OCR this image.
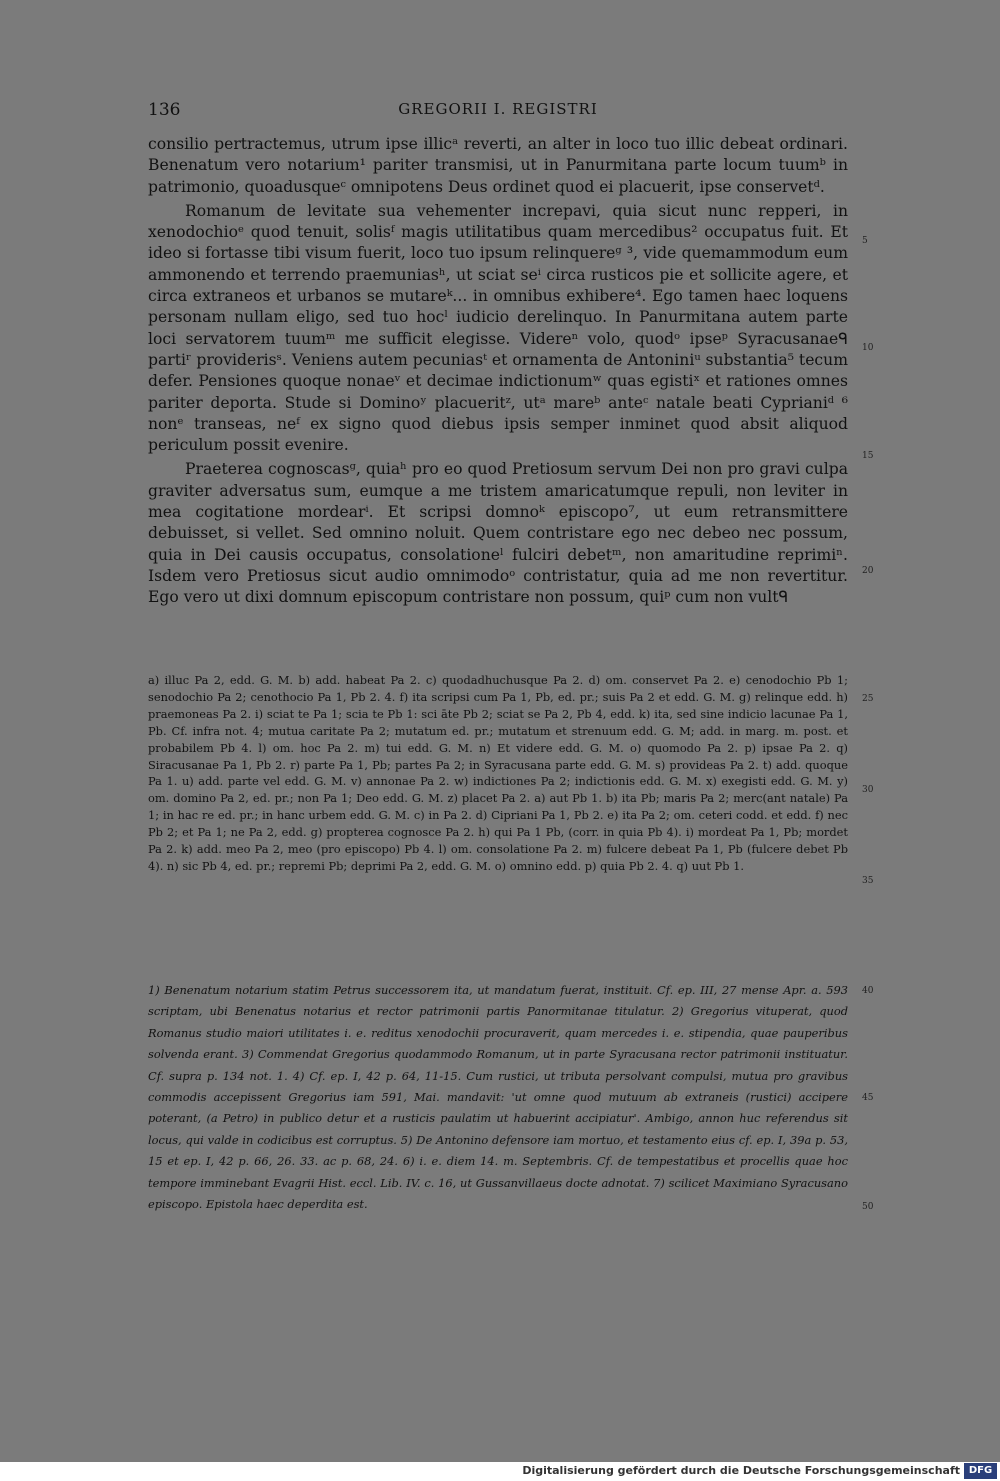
136	GREGORII I. REGISTRI

consilio pertractemus, utrum ipse illicᵃ reverti, an alter in loco tuo illic debeat ordinari. Benenatum vero notarium¹ pariter transmisi, ut in Panurmitana parte locum tuumᵇ in patrimonio, quoadusqueᶜ omnipotens Deus ordinet quod ei placuerit, ipse conservetᵈ.

Romanum de levitate sua vehementer increpavi, quia sicut nunc repperi, in xenodochioᵉ quod tenuit, solisᶠ magis utilitatibus quam mercedibus² occupatus fuit. Et ideo si fortasse tibi visum fuerit, loco tuo ipsum relinquereᵍ ³, vide quemammodum eum ammonendo et terrendo praemuniasʰ, ut sciat seⁱ circa rusticos pie et sollicite agere, et circa extraneos et urbanos se mutareᵏ... in omnibus exhibere⁴. Ego tamen haec loquens personam nullam eligo, sed tuo hocˡ iudicio derelinquo. In Panurmitana autem parte loci servatorem tuumᵐ me sufficit elegisse. Videreⁿ volo, quodᵒ ipseᵖ Syracusanaeᑫ partiʳ providerisˢ. Veniens autem pecuniasᵗ et ornamenta de Antoniniᵘ substantia⁵ tecum defer. Pensiones quoque nonaeᵛ et decimae indictionumʷ quas egistiˣ et rationes omnes pariter deporta. Stude si Dominoʸ placueritᶻ, utᵃ mareᵇ anteᶜ natale beati Cyprianiᵈ ⁶ nonᵉ transeas, neᶠ ex signo quod diebus ipsis semper inminet quod absit aliquod periculum possit evenire.

Praeterea cognoscasᵍ, quiaʰ pro eo quod Pretiosum servum Dei non pro gravi culpa graviter adversatus sum, eumque a me tristem amaricatumque repuli, non leviter in mea cogitatione mordearⁱ. Et scripsi domnoᵏ episcopo⁷, ut eum retransmittere debuisset, si vellet. Sed omnino noluit. Quem contristare ego nec debeo nec possum, quia in Dei causis occupatus, consolationeˡ fulciri debetᵐ, non amaritudine reprimiⁿ. Isdem vero Pretiosus sicut audio omnimodoᵒ contristatur, quia ad me non revertitur. Ego vero ut dixi domnum episcopum contristare non possum, quiᵖ cum non vultᑫ

a) illuc Pa 2, edd. G. M. b) add. habeat Pa 2. c) quodadhuchusque Pa 2. d) om. conservet Pa 2. e) cenodochio Pb 1; senodochio Pa 2; cenothocio Pa 1, Pb 2. 4. f) ita scripsi cum Pa 1, Pb, ed. pr.; suis Pa 2 et edd. G. M. g) relinque edd. h) praemoneas Pa 2. i) sciat te Pa 1; scia te Pb 1: sci āte Pb 2; sciat se Pa 2, Pb 4, edd. k) ita, sed sine indicio lacunae Pa 1, Pb. Cf. infra not. 4; mutua caritate Pa 2; mutatum ed. pr.; mutatum et strenuum edd. G. M; add. in marg. m. post. et probabilem Pb 4. l) om. hoc Pa 2. m) tui edd. G. M. n) Et videre edd. G. M. o) quomodo Pa 2. p) ipsae Pa 2. q) Siracusanae Pa 1, Pb 2. r) parte Pa 1, Pb; partes Pa 2; in Syracusana parte edd. G. M. s) provideas Pa 2. t) add. quoque Pa 1. u) add. parte vel edd. G. M. v) annonae Pa 2. w) indictiones Pa 2; indictionis edd. G. M. x) exegisti edd. G. M. y) om. domino Pa 2, ed. pr.; non Pa 1; Deo edd. G. M. z) placet Pa 2. a) aut Pb 1. b) ita Pb; maris Pa 2; merc(ant natale) Pa 1; in hac re ed. pr.; in hanc urbem edd. G. M. c) in Pa 2. d) Cipriani Pa 1, Pb 2. e) ita Pa 2; om. ceteri codd. et edd. f) nec Pb 2; et Pa 1; ne Pa 2, edd. g) propterea cognosce Pa 2. h) qui Pa 1 Pb, (corr. in quia Pb 4). i) mordeat Pa 1, Pb; mordet Pa 2. k) add. meo Pa 2, meo (pro episcopo) Pb 4. l) om. consolatione Pa 2. m) fulcere debeat Pa 1, Pb (fulcere debet Pb 4). n) sic Pb 4, ed. pr.; repremi Pb; deprimi Pa 2, edd. G. M. o) omnino edd. p) quia Pb 2. 4. q) uut Pb 1.
1) Benenatum notarium statim Petrus successorem ita, ut mandatum fuerat, instituit. Cf. ep. III, 27 mense Apr. a. 593 scriptam, ubi Benenatus notarius et rector patrimonii partis Panormitanae titulatur. 2) Gregorius vituperat, quod Romanus studio maiori utilitates i. e. reditus xenodochii procuraverit, quam mercedes i. e. stipendia, quae pauperibus solvenda erant. 3) Commendat Gregorius quodammodo Romanum, ut in parte Syracusana rector patrimonii instituatur. Cf. supra p. 134 not. 1. 4) Cf. ep. I, 42 p. 64, 11-15. Cum rustici, ut tributa persolvant compulsi, mutua pro gravibus commodis accepissent Gregorius iam 591, Mai. mandavit: 'ut omne quod mutuum ab extraneis (rustici) accipere poterant, (a Petro) in publico detur et a rusticis paulatim ut habuerint accipiatur'. Ambigo, annon huc referendus sit locus, qui valde in codicibus est corruptus. 5) De Antonino defensore iam mortuo, et testamento eius cf. ep. I, 39a p. 53, 15 et ep. I, 42 p. 66, 26. 33. ac p. 68, 24. 6) i. e. diem 14. m. Septembris. Cf. de tempestatibus et procellis quae hoc tempore imminebant Evagrii Hist. eccl. Lib. IV. c. 16, ut Gussanvillaeus docte adnotat. 7) scilicet Maximiano Syracusano episcopo. Epistola haec deperdita est.
5
10
15
20
25
30
35
40
45
50
Digitalisierung gefördert durch die Deutsche Forschungsgemeinschaft DFG
